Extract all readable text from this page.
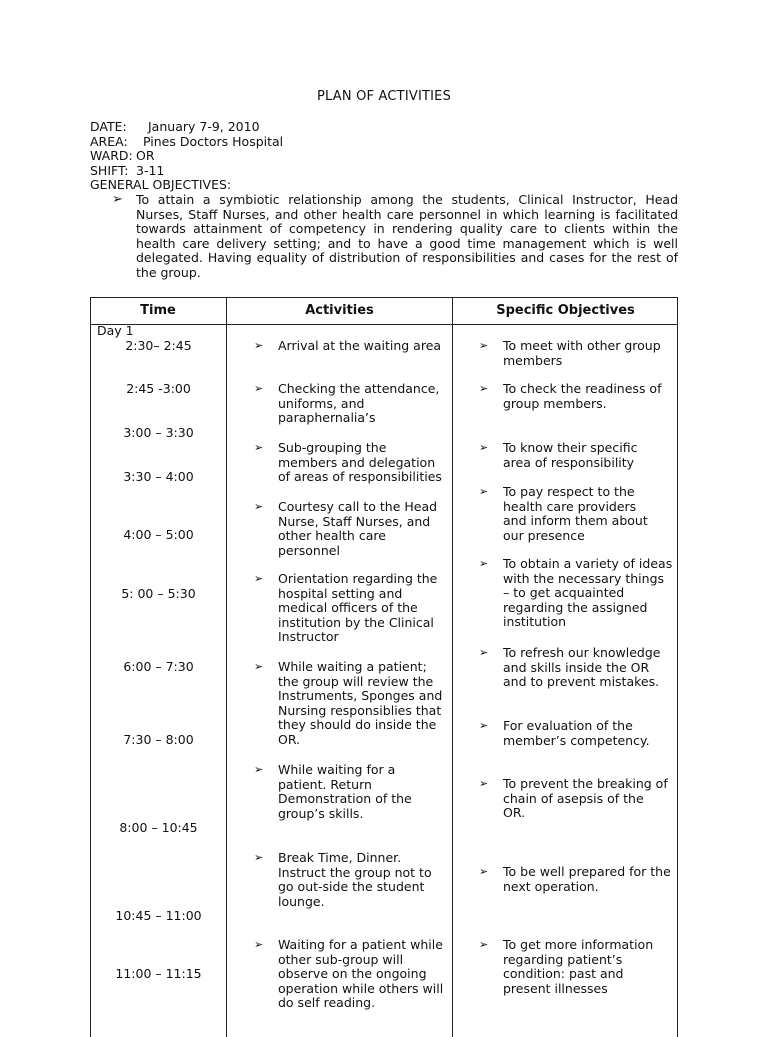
PLAN OF ACTIVITIES
DATE: January 7-9, 2010
AREA: Pines Doctors Hospital
WARD: OR
SHIFT: 3-11
GENERAL OBJECTIVES:
➢ To attain a symbiotic relationship among the students, Clinical Instructor, Head Nurses, Staff Nurses, and other health care personnel in which learning is facilitated towards attainment of competency in rendering quality care to clients within the health care delivery setting; and to have a good time management which is well delegated. Having equality of distribution of responsibilities and cases for the rest of the group.
Time	Activities	Specific Objectives
Day 1
2:30– 2:45
2:45 -3:00
3:00 – 3:30
3:30 – 4:00
4:00 – 5:00
5: 00 – 5:30
6:00 – 7:30
7:30 – 8:00
8:00 – 10:45
10:45 – 11:00
11:00 – 11:15
➢ Arrival at the waiting area
➢ Checking the attendance, uniforms, and paraphernalia’s
➢ Sub-grouping the members and delegation of areas of responsibilities
➢ Courtesy call to the Head Nurse, Staff Nurses, and other health care personnel
➢ Orientation regarding the hospital setting and medical officers of the institution by the Clinical Instructor
➢ While waiting a patient; the group will review the Instruments, Sponges and Nursing responsiblies that they should do inside the OR.
➢ While waiting for a patient. Return Demonstration of the group’s skills.
➢ Break Time, Dinner. Instruct the group not to go out-side the student lounge.
➢ Waiting for a patient while other sub-group will observe on the ongoing operation while others will do self reading.
➢ To meet with other group members
➢ To check the readiness of group members.
➢ To know their specific area of responsibility
➢ To pay respect to the health care providers and inform them about our presence
➢ To obtain a variety of ideas with the necessary things – to get acquainted regarding the assigned institution
➢ To refresh our knowledge and skills inside the OR and to prevent mistakes.
➢ For evaluation of the member’s competency.
➢ To prevent the breaking of chain of asepsis of the OR.
➢ To be well prepared for the next operation.
➢ To get more information regarding patient’s condition: past and present illnesses
